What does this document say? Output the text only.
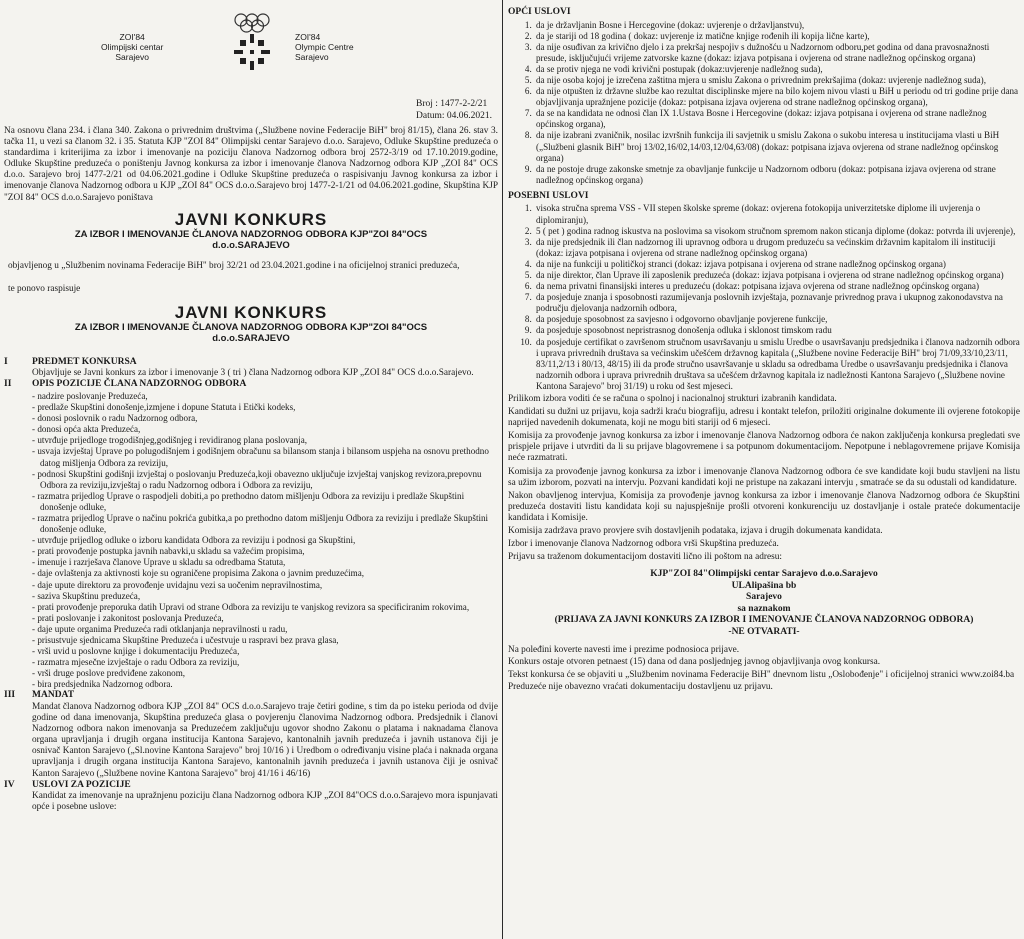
ZOI'84
Olimpijski centar
Sarajevo
ZOI'84
Olympic Centre
Sarajevo
Broj : 1477-2-2/21
Datum: 04.06.2021.
Na osnovu člana 234. i člana 340. Zakona o privrednim društvima („Službene novine Federacije BiH" broj 81/15), člana 26. stav 3. tačka 11, u vezi sa članom 32. i 35. Statuta KJP "ZOI 84" Olimpijski centar Sarajevo d.o.o. Sarajevo, Odluke Skupštine preduzeća o standardima i kriterijima za izbor i imenovanje na poziciju članova Nadzornog odbora broj 2572-3/19 od 17.10.2019.godine, Odluke Skupštine preduzeća o poništenju Javnog konkursa za izbor i imenovanje članova Nadzornog odbora KJP „ZOI 84" OCS d.o.o. Sarajevo broj 1477-2/21 od 04.06.2021.godine i Odluke Skupštine preduzeća o raspisivanju Javnog konkursa za izbor i imenovanje članova Nadzornog odbora u KJP „ZOI 84" OCS d.o.o.Sarajevo broj 1477-2-1/21 od 04.06.2021.godine, Skupština KJP "ZOI 84" OCS d.o.o.Sarajevo poništava
JAVNI KONKURS
ZA IZBOR I IMENOVANJE ČLANOVA NADZORNOG ODBORA KJP"ZOI 84"OCS
d.o.o.SARAJEVO
objavljenog u „Službenim novinama Federacije BiH" broj 32/21 od 23.04.2021.godine i na oficijelnoj stranici preduzeća,
te ponovo raspisuje
JAVNI KONKURS
ZA IZBOR I IMENOVANJE ČLANOVA NADZORNOG ODBORA KJP"ZOI 84"OCS
d.o.o.SARAJEVO
I	PREDMET KONKURSA
Objavljuje se Javni konkurs za izbor i imenovanje 3 ( tri ) člana Nadzornog odbora KJP „ZOI 84" OCS d.o.o.Sarajevo.
II	OPIS POZICIJE ČLANA NADZORNOG ODBORA
- nadzire poslovanje Preduzeća,
- predlaže Skupštini donošenje,izmjene i dopune Statuta i Etički kodeks,
- donosi poslovnik o radu Nadzornog odbora,
- donosi opća akta Preduzeća,
- utvrđuje prijedloge trogodišnjeg,godišnjeg i revidiranog plana poslovanja,
- usvaja izvještaj Uprave po polugodišnjem i godišnjem obračunu sa bilansom stanja i bilansom uspjeha na osnovu prethodno datog mišljenja Odbora za reviziju,
- podnosi Skupštini godišnji izvještaj o poslovanju Preduzeća,koji obavezno uključuje izvještaj vanjskog revizora,prepovnu Odbora za reviziju,izvještaj o radu Nadzornog odbora i Odbora za reviziju,
- razmatra prijedlog Uprave o raspodjeli dobiti,a po prethodno datom mišljenju Odbora za reviziju i predlaže Skupštini donošenje odluke,
- razmatra prijedlog Uprave o načinu pokrića gubitka,a po prethodno datom mišljenju Odbora za reviziju i predlaže Skupštini donošenje odluke,
- utvrđuje prijedlog odluke o izboru kandidata Odbora za reviziju i podnosi ga Skupštini,
- prati provođenje postupka javnih nabavki,u skladu sa važećim propisima,
- imenuje i razrješava članove Uprave u skladu sa odredbama Statuta,
- daje ovlaštenja za aktivnosti koje su ograničene propisima Zakona o javnim preduzećima,
- daje upute direktoru za provođenje uvidajnu vezi sa uočenim nepravilnostima,
- saziva Skupštinu preduzeća,
- prati provođenje preporuka datih Upravi od strane Odbora za reviziju te vanjskog revizora sa specificiranim rokovima,
- prati poslovanje i zakonitost poslovanja Preduzeća,
- daje upute organima Preduzeća radi otklanjanja nepravilnosti u radu,
- prisustvuje sjednicama Skupštine Preduzeća i učestvuje u raspravi bez prava glasa,
- vrši uvid u poslovne knjige i dokumentaciju Preduzeća,
- razmatra mjesečne izvještaje o radu Odbora za reviziju,
- vrši druge poslove predviđene zakonom,
- bira predsjednika Nadzornog odbora.
III	MANDAT
Mandat članova Nadzornog odbora KJP „ZOI 84" OCS d.o.o.Sarajevo traje četiri godine, s tim da po isteku perioda od dvije godine od dana imenovanja, Skupština preduzeća glasa o povjerenju članovima Nadzornog odbora. Predsjednik i članovi Nadzornog odbora nakon imenovanja sa Preduzećem zaključuju ugovor shodno Zakonu o platama i naknadama članova organa upravljanja i drugih organa institucija Kantona Sarajevo, kantonalnih javnih preduzeća i javnih ustanova čiji je osnivač Kanton Sarajevo („Sl.novine Kantona Sarajevo" broj 10/16 ) i Uredbom o određivanju visine plaća i naknada organa upravljanja i drugih organa institucija Kantona Sarajevo, kantonalnih javnih preduzeća i javnih ustanova čiji je osnivač Kanton Sarajevo („Službene novine Kantona Sarajevo" broj 41/16 i 46/16)
IV	USLOVI ZA POZICIJE
Kandidat za imenovanje na upražnjenu poziciju člana Nadzornog odbora KJP „ZOI 84"OCS d.o.o.Sarajevo mora ispunjavati opće i posebne uslove:
OPĆI USLOVI
1. da je državljanin Bosne i Hercegovine (dokaz: uvjerenje o državljanstvu),
2. da je stariji od 18 godina ( dokaz: uvjerenje iz matične knjige rođenih ili kopija lične karte),
3. da nije osuđivan za krivično djelo i za prekršaj nespojiv s dužnošću u Nadzornom odboru,pet godina od dana pravosnažnosti presude, isključujući vrijeme zatvorske kazne (dokaz: izjava potpisana i ovjerena od strane nadležnog općinskog organa)
4. da se protiv njega ne vodi krivični postupak (dokaz:uvjerenje nadležnog suda),
5. da nije osoba kojoj je izrečena zaštitna mjera u smislu Zakona o privrednim prekršajima (dokaz: uvjerenje nadležnog suda),
6. da nije otpušten iz državne službe kao rezultat disciplinske mjere na bilo kojem nivou vlasti u BiH u periodu od tri godine prije dana objavljivanja upražnjene pozicije (dokaz: potpisana izjava ovjerena od strane nadležnog općinskog organa),
7. da se na kandidata ne odnosi član IX 1.Ustava Bosne i Hercegovine (dokaz: izjava potpisana i ovjerena od strane nadležnog općinskog organa),
8. da nije izabrani zvaničnik, nosilac izvršnih funkcija ili savjetnik u smislu Zakona o sukobu interesa u institucijama vlasti u BiH („Službeni glasnik BiH" broj 13/02,16/02,14/03,12/04,63/08) (dokaz: potpisana izjava ovjerena od strane nadležnog općinskog organa)
9. da ne postoje druge zakonske smetnje za obavljanje funkcije u Nadzornom odboru (dokaz: potpisana izjava ovjerena od strane nadležnog općinskog organa)
POSEBNI USLOVI
1. visoka stručna sprema VSS - VII stepen školske spreme (dokaz: ovjerena fotokopija univerzitetske diplome ili uvjerenja o diplomiranju),
2. 5 ( pet ) godina radnog iskustva na poslovima sa visokom stručnom spremom nakon sticanja diplome (dokaz: potvrda ili uvjerenje),
3. da nije predsjednik ili član nadzornog ili upravnog odbora u drugom preduzeću sa većinskim državnim kapitalom ili instituciji (dokaz: izjava potpisana i ovjerena od strane nadležnog općinskog organa)
4. da nije na funkciji u političkoj stranci (dokaz: izjava potpisana i ovjerena od strane nadležnog općinskog organa)
5. da nije direktor, član Uprave ili zaposlenik preduzeća (dokaz: izjava potpisana i ovjerena od strane nadležnog općinskog organa)
6. da nema privatni finansijski interes u preduzeću (dokaz: potpisana izjava ovjerena od strane nadležnog općinskog organa)
7. da posjeduje znanja i sposobnosti razumijevanja poslovnih izvještaja, poznavanje privrednog prava i ukupnog zakonodavstva na području djelovanja nadzornih odbora,
8. da posjeduje sposobnost za savjesno i odgovorno obavljanje povjerene funkcije,
9. da posjeduje sposobnost nepristrasnog donošenja odluka i sklonost timskom radu
10. da posjeduje certifikat o završenom stručnom usavršavanju u smislu Uredbe o usavršavanju predsjednika i članova nadzornih odbora i uprava privrednih društava sa većinskim učešćem državnog kapitala („Službene novine Federacije BiH" broj 71/09,33/10,23/11, 83/11,2/13 i 80/13, 48/15) ili da prođe stručno usavršavanje u skladu sa odredbama Uredbe o usavršavanju predsjednika i članova nadzornih odbora i uprava privrednih društava sa učešćem državnog kapitala iz nadležnosti Kantona Sarajevo („Službene novine Kantona Sarajevo" broj 31/19) u roku od šest mjeseci.
Prilikom izbora voditi će se računa o spolnoj i nacionalnoj strukturi izabranih kandidata.
Kandidati su dužni uz prijavu, koja sadrži kraću biografiju, adresu i kontakt telefon, priložiti originalne dokumente ili ovjerene fotokopije naprijed navedenih dokumenata, koji ne mogu biti stariji od 6 mjeseci.
Komisija za provođenje javnog konkursa za izbor i imenovanje članova Nadzornog odbora će nakon zaključenja konkursa pregledati sve prispjele prijave i utvrditi da li su prijave blagovremene i sa potpunom dokumentacijom. Nepotpune i neblagovremene prijave Komisija neće razmatrati.
Komisija za provođenje javnog konkursa za izbor i imenovanje članova Nadzornog odbora će sve kandidate koji budu stavljeni na listu sa užim izborom, pozvati na intervju. Pozvani kandidati koji ne pristupe na zakazani intervju , smatraće se da su odustali od kandidature.
Nakon obavljenog intervjua, Komisija za provođenje javnog konkursa za izbor i imenovanje članova Nadzornog odbora će Skupštini preduzeća dostaviti listu kandidata koji su najuspješnije prošli otvoreni konkurenciju uz dostavljanje i ostale prateće dokumentacije kandidata i Komisije.
Komisija zadržava pravo provjere svih dostavljenih podataka, izjava i drugih dokumenata kandidata.
Izbor i imenovanje članova Nadzornog odbora vrši Skupština preduzeća.
Prijavu sa traženom dokumentacijom dostaviti lično ili poštom na adresu:
KJP"ZOI 84"Olimpijski centar Sarajevo d.o.o.Sarajevo
ULAlipašina bb
Sarajevo
sa naznakom
(PRIJAVA ZA JAVNI KONKURS ZA IZBOR I IMENOVANJE ČLANOVA NADZORNOG ODBORA)
-NE OTVARATI-
Na poleđini koverte navesti ime i prezime podnosioca prijave.
Konkurs ostaje otvoren petnaest (15) dana od dana posljednjeg javnog objavljivanja ovog konkursa.
Tekst konkursa će se objaviti u „Službenim novinama Federacije BiH" dnevnom listu „Oslobođenje" i oficijelnoj stranici www.zoi84.ba
Preduzeće nije obavezno vraćati dokumentaciju dostavljenu uz prijavu.
